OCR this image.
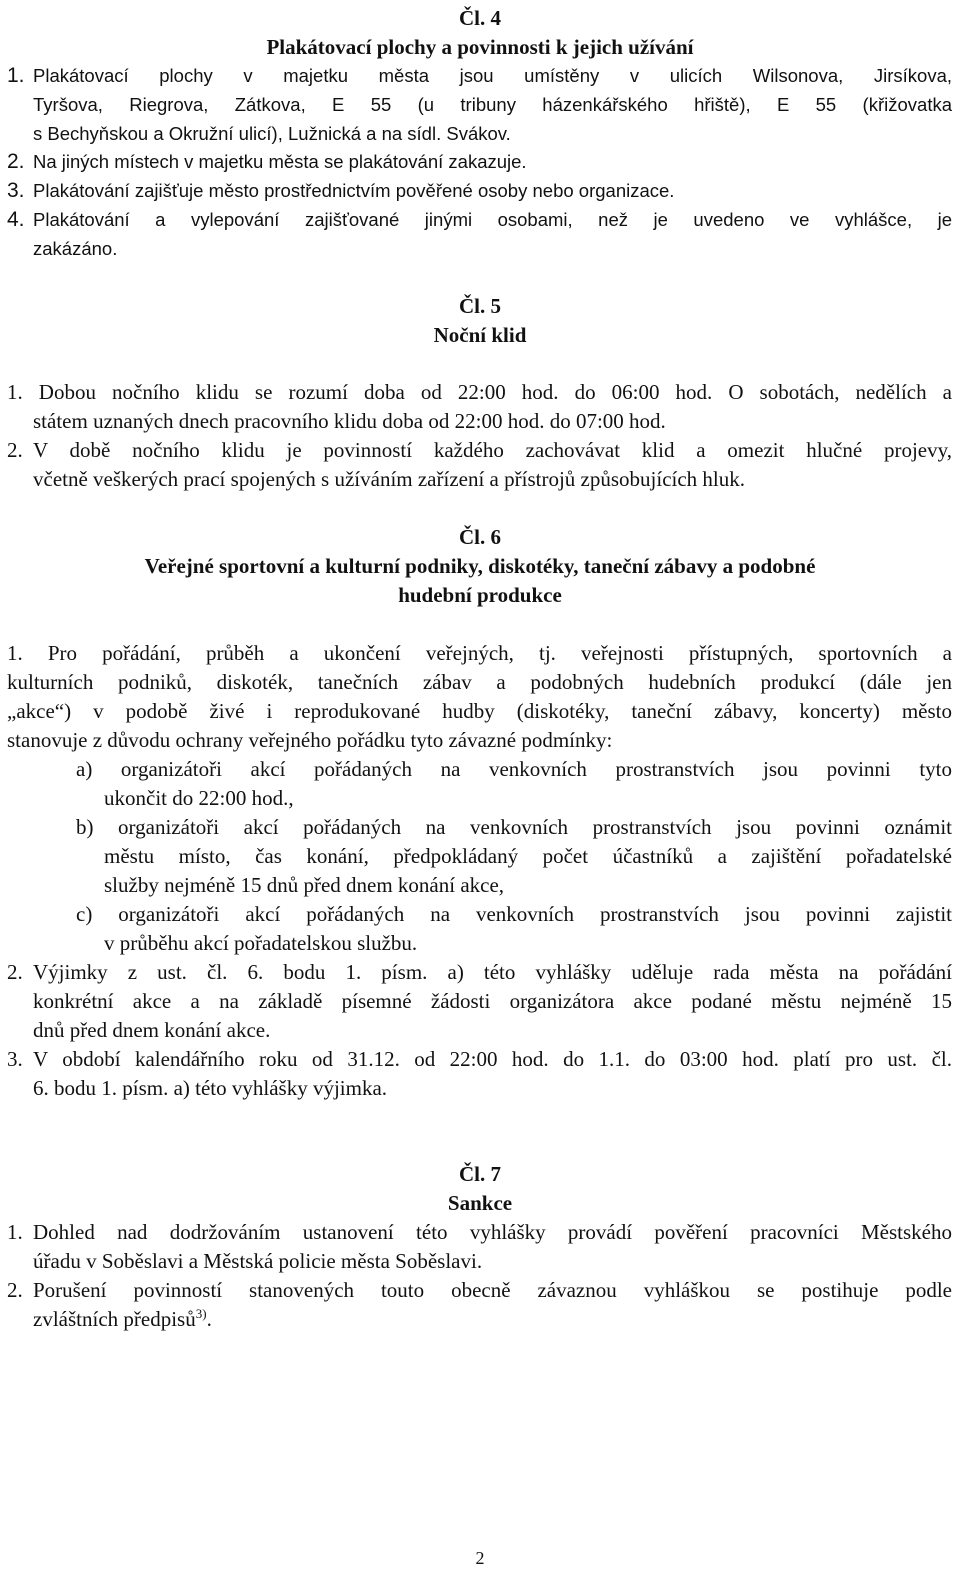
Čl. 4
Plakátovací plochy a povinnosti k jejich užívání
1. Plakátovací plochy v majetku města jsou umístěny v ulicích Wilsonova, Jirsíkova,
Tyršova, Riegrova, Zátkova, E 55 (u tribuny házenkářského hřiště), E 55 (křižovatka
s Bechyňskou a Okružní ulicí), Lužnická a na sídl. Svákov.
2. Na jiných místech v majetku města se plakátování zakazuje.
3. Plakátování zajišťuje město prostřednictvím pověřené osoby nebo organizace.
4. Plakátování a vylepování zajišťované jinými osobami, než je uvedeno ve vyhlášce, je
zakázáno.
Čl. 5
Noční klid
1. Dobou nočního klidu se rozumí doba od 22:00 hod. do 06:00 hod. O sobotách, nedělích a
státem uznaných dnech pracovního klidu doba od 22:00 hod. do 07:00 hod.
2. V době nočního klidu je povinností každého zachovávat klid a omezit hlučné projevy,
včetně veškerých prací spojených s užíváním zařízení a přístrojů způsobujících hluk.
Čl. 6
Veřejné sportovní a kulturní podniky, diskotéky, taneční zábavy a podobné
hudební produkce
1. Pro pořádání, průběh a ukončení veřejných, tj. veřejnosti přístupných, sportovních a
kulturních podniků, diskoték, tanečních zábav a podobných hudebních produkcí (dále jen
„akce“) v podobě živé i reprodukované hudby (diskotéky, taneční zábavy, koncerty) město
stanovuje z důvodu ochrany veřejného pořádku tyto závazné podmínky:
a) organizátoři akcí pořádaných na venkovních prostranstvích jsou povinni tyto
ukončit do 22:00 hod.,
b) organizátoři akcí pořádaných na venkovních prostranstvích jsou povinni oznámit
městu místo, čas konání, předpokládaný počet účastníků a zajištění pořadatelské
služby nejméně 15 dnů před dnem konání akce,
c) organizátoři akcí pořádaných na venkovních prostranstvích jsou povinni zajistit
v průběhu akcí pořadatelskou službu.
2. Výjimky z ust. čl. 6. bodu 1. písm. a) této vyhlášky uděluje rada města na pořádání
konkrétní akce a na základě písemné žádosti organizátora akce podané městu nejméně 15
dnů před dnem konání akce.
3. V období kalendářního roku od 31.12. od 22:00 hod. do 1.1. do 03:00 hod. platí pro ust. čl.
6. bodu 1. písm. a) této vyhlášky výjimka.
Čl. 7
Sankce
1. Dohled nad dodržováním ustanovení této vyhlášky provádí pověření pracovníci Městského
úřadu v Soběslavi a Městská policie města Soběslavi.
2. Porušení povinností stanovených touto obecně závaznou vyhláškou se postihuje podle
zvláštních předpisů$^{3)}$.
2
